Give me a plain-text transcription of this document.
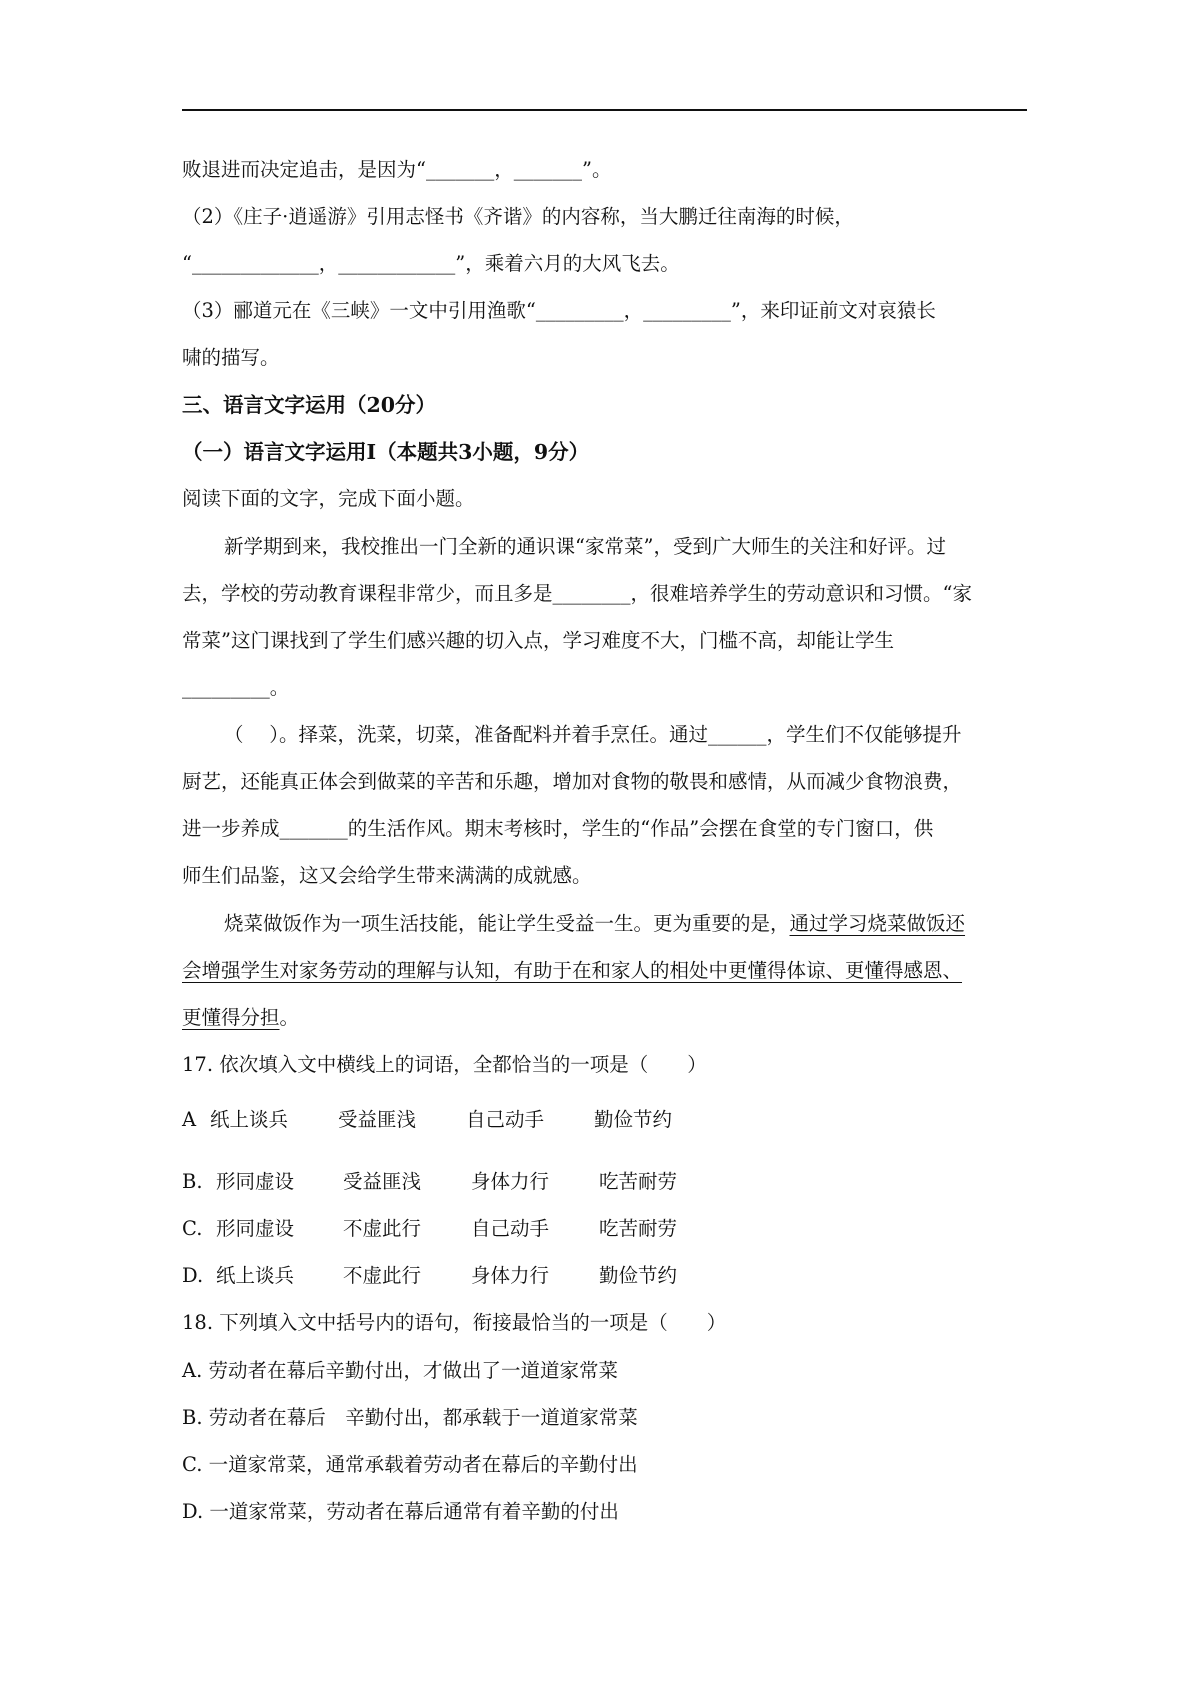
败退进而决定追击，是因为“_______，_______”。
（2）《庄子·逍遥游》引用志怪书《齐谐》的内容称，当大鹏迁往南海的时候，
“_____________，____________”，乘着六月的大风飞去。
（3）郦道元在《三峡》一文中引用渔歌“_________，_________”，来印证前文对哀猿长
啸的描写。
三、语言文字运用（20分）
（一）语言文字运用Ⅰ（本题共3小题，9分）
阅读下面的文字，完成下面小题。
新学期到来，我校推出一门全新的通识课“家常菜”，受到广大师生的关注和好评。过
去，学校的劳动教育课程非常少，而且多是________，很难培养学生的劳动意识和习惯。“家
常菜”这门课找到了学生们感兴趣的切入点，学习难度不大，门槛不高，却能让学生
_________。
（　 ）。择菜，洗菜，切菜，准备配料并着手烹任。通过______，学生们不仅能够提升
厨艺，还能真正体会到做菜的辛苦和乐趣，增加对食物的敬畏和感情，从而减少食物浪费，
进一步养成_______的生活作风。期末考核时，学生的“作品”会摆在食堂的专门窗口，供
师生们品鉴，这又会给学生带来满满的成就感。
烧菜做饭作为一项生活技能，能让学生受益一生。更为重要的是，通过学习烧菜做饭还
会增强学生对家务劳动的理解与认知，有助于在和家人的相处中更懂得体谅、更懂得感恩、
更懂得分担。
17. 依次填入文中横线上的词语，全都恰当的一项是（　　）
A 纸上谈兵	受益匪浅	自己动手	勤俭节约
B. 形同虚设	受益匪浅	身体力行	吃苦耐劳
C. 形同虚设	不虚此行	自己动手	吃苦耐劳
D. 纸上谈兵	不虚此行	身体力行	勤俭节约
18. 下列填入文中括号内的语句，衔接最恰当的一项是（　　）
A. 劳动者在幕后辛勤付出，才做出了一道道家常菜
B. 劳动者在幕后　辛勤付出，都承载于一道道家常菜
C. 一道家常菜，通常承载着劳动者在幕后的辛勤付出
D. 一道家常菜，劳动者在幕后通常有着辛勤的付出
